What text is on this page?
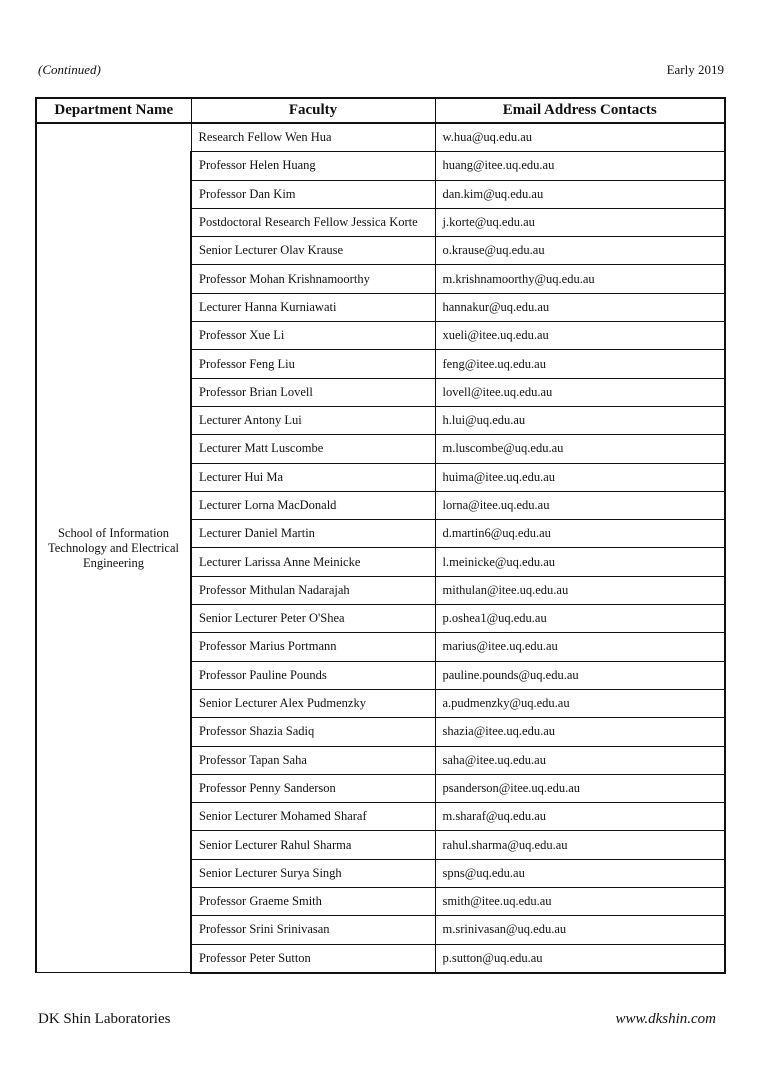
(Continued)	Early 2019
Department Name	Faculty	Email Address Contacts
School of Information Technology and Electrical Engineering	Research Fellow Wen Hua	w.hua@uq.edu.au
	Professor Helen Huang	huang@itee.uq.edu.au
	Professor Dan Kim	dan.kim@uq.edu.au
	Postdoctoral Research Fellow Jessica Korte	j.korte@uq.edu.au
	Senior Lecturer Olav Krause	o.krause@uq.edu.au
	Professor Mohan Krishnamoorthy	m.krishnamoorthy@uq.edu.au
	Lecturer Hanna Kurniawati	hannakur@uq.edu.au
	Professor Xue Li	xueli@itee.uq.edu.au
	Professor Feng Liu	feng@itee.uq.edu.au
	Professor Brian Lovell	lovell@itee.uq.edu.au
	Lecturer Antony Lui	h.lui@uq.edu.au
	Lecturer Matt Luscombe	m.luscombe@uq.edu.au
	Lecturer Hui Ma	huima@itee.uq.edu.au
	Lecturer Lorna MacDonald	lorna@itee.uq.edu.au
	Lecturer Daniel Martin	d.martin6@uq.edu.au
	Lecturer Larissa Anne Meinicke	l.meinicke@uq.edu.au
	Professor Mithulan Nadarajah	mithulan@itee.uq.edu.au
	Senior Lecturer Peter O'Shea	p.oshea1@uq.edu.au
	Professor Marius Portmann	marius@itee.uq.edu.au
	Professor Pauline Pounds	pauline.pounds@uq.edu.au
	Senior Lecturer Alex Pudmenzky	a.pudmenzky@uq.edu.au
	Professor Shazia Sadiq	shazia@itee.uq.edu.au
	Professor Tapan Saha	saha@itee.uq.edu.au
	Professor Penny Sanderson	psanderson@itee.uq.edu.au
	Senior Lecturer Mohamed Sharaf	m.sharaf@uq.edu.au
	Senior Lecturer Rahul Sharma	rahul.sharma@uq.edu.au
	Senior Lecturer Surya Singh	spns@uq.edu.au
	Professor Graeme Smith	smith@itee.uq.edu.au
	Professor Srini Srinivasan	m.srinivasan@uq.edu.au
	Professor Peter Sutton	p.sutton@uq.edu.au
DK Shin Laboratories	www.dkshin.com
